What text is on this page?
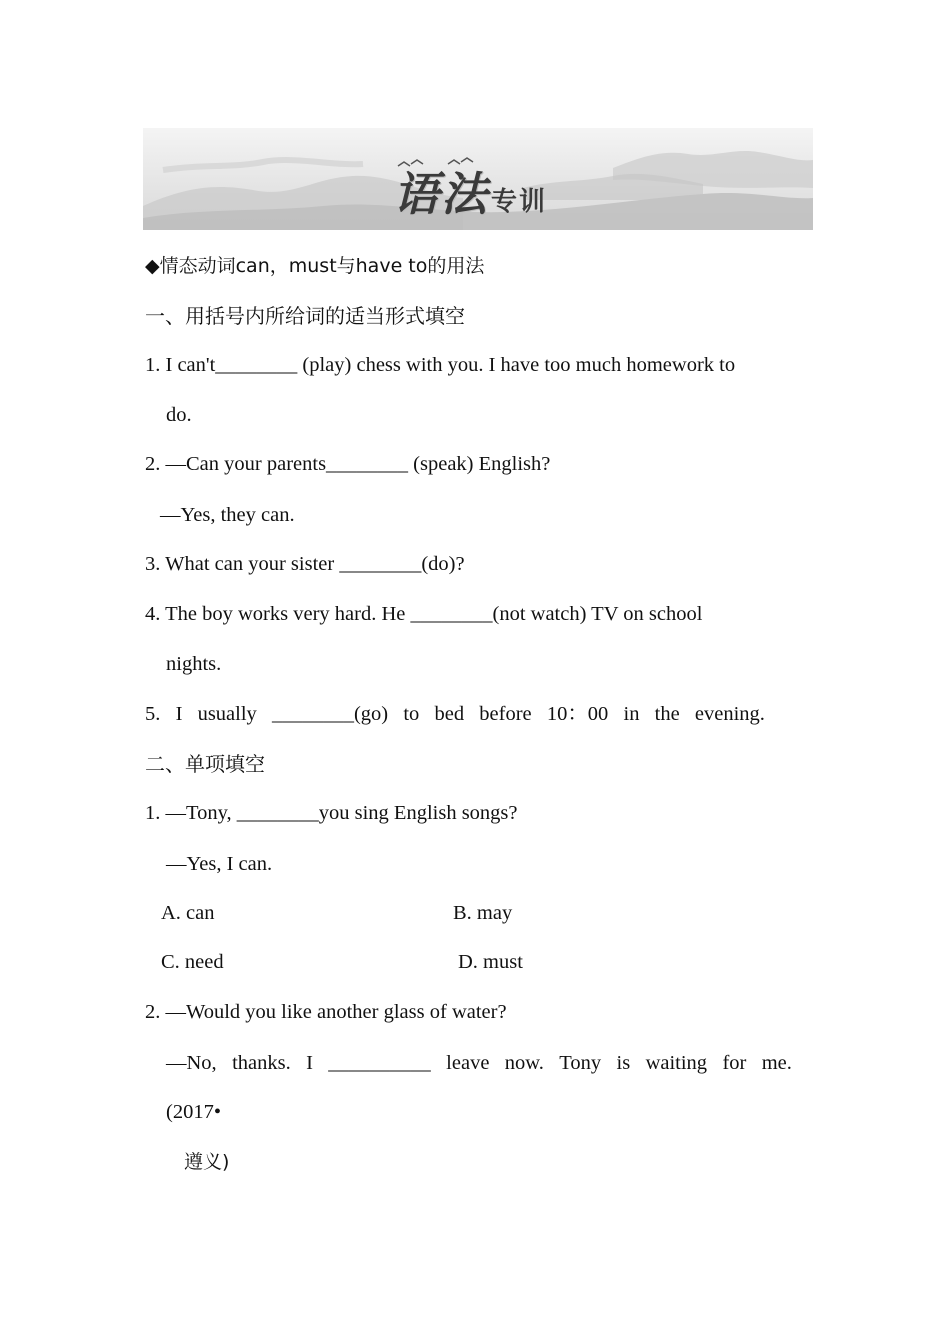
语法专训
◆情态动词can，must与have to的用法
一、用括号内所给词的适当形式填空
1. I can't________ (play) chess with you. I have too much homework to
do.
2. —Can your parents________ (speak) English?
—Yes, they can.
3. What can your sister ________(do)?
4. The boy works very hard. He ________(not watch) TV on school
nights.
5. I usually ________(go) to bed before 10：00 in the evening.
二、单项填空
1. —Tony, ________you sing English songs?
—Yes, I can.
A. can	B. may
C. need	D. must
2. —Would you like another glass of water?
—No, thanks. I __________ leave now. Tony is waiting for me.
(2017•
遵义)
